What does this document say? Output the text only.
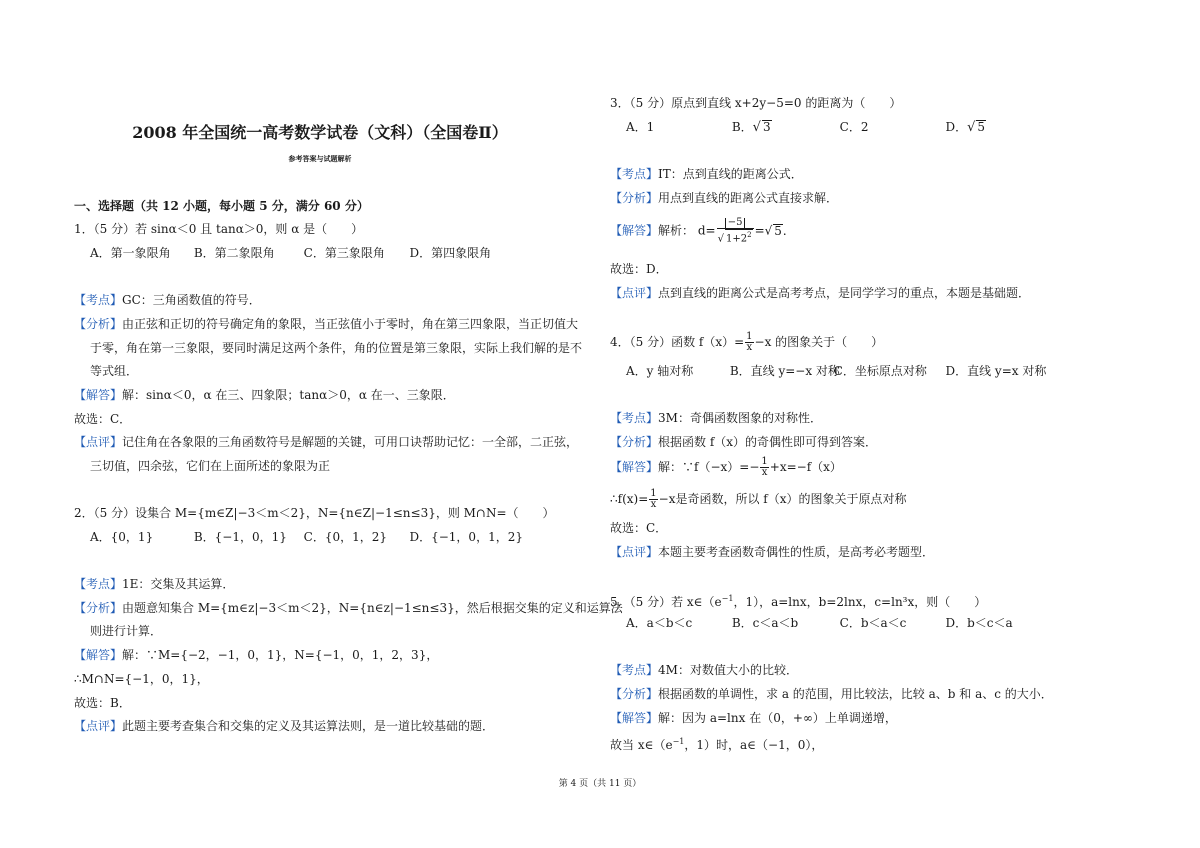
2008 年全国统一高考数学试卷（文科）（全国卷Ⅱ）
参考答案与试题解析
一、选择题（共 12 小题，每小题 5 分，满分 60 分）
1．（5 分）若 sinα＜0 且 tanα＞0，则 α 是（　　）
A．第一象限角 B．第二象限角 C．第三象限角 D．第四象限角
【考点】GC：三角函数值的符号．
【分析】由正弦和正切的符号确定角的象限，当正弦值小于零时，角在第三四象限，当正切值大
于零，角在第一三象限，要同时满足这两个条件，角的位置是第三象限，实际上我们解的是不
等式组．
【解答】解：sinα＜0，α 在三、四象限；tanα＞0，α 在一、三象限．
故选：C．
【点评】记住角在各象限的三角函数符号是解题的关键，可用口诀帮助记忆：一全部，二正弦，
三切值，四余弦，它们在上面所述的象限为正
2．（5 分）设集合 M={m∈Z|−3＜m＜2}，N={n∈Z|−1≤n≤3}，则 M∩N=（　　）
A．{0，1}	B．{−1，0，1} C．{0，1，2} D．{−1，0，1，2}
【考点】1E：交集及其运算．
【分析】由题意知集合 M={m∈z|−3＜m＜2}，N={n∈z|−1≤n≤3}，然后根据交集的定义和运算法
则进行计算．
【解答】解：∵M={−2，−1，0，1}，N={−1，0，1，2，3}，
∴M∩N={−1，0，1}，
故选：B．
【点评】此题主要考查集合和交集的定义及其运算法则，是一道比较基础的题．
3．（5 分）原点到直线 x+2y−5=0 的距离为（　　）
A．1	B．√ 3	C．2	D．√ 5
【考点】IT：点到直线的距离公式．
【分析】用点到直线的距离公式直接求解．
【解答】解析： $d= \frac{-5}{√ 1+2^2}$ =√ 5．
故选：D．
【点评】点到直线的距离公式是高考考点，是同学学习的重点，本题是基础题．
4．（5 分）函数 $f(x)= \frac{1}{x} -x$ 的图象关于（　　）
A．y 轴对称	B．直线 y=−x 对称 C．坐标原点对称 D．直线 y=x 对称
【考点】3M：奇偶函数图象的对称性．
【分析】根据函数 f（x）的奇偶性即可得到答案．
【解答】解：∵f（−x）=− $\frac{1}{x} +x=-f(x)$
∴f(x)= $\frac{1}{x} -x$是奇函数，所以 f（x）的图象关于原点对称
故选：C．
【点评】本题主要考查函数奇偶性的性质，是高考必考题型．
5．（5 分）若 $x\in(e^{-1}$，1），a=lnx，b=2lnx，c=ln³x，则（　　）
A．a＜b＜c	B．c＜a＜b	C．b＜a＜c	D．b＜c＜a
【考点】4M：对数值大小的比较．
【分析】根据函数的单调性，求 a 的范围，用比较法，比较 a、b 和 a、c 的大小．
【解答】解：因为 a=lnx 在（0，+∞）上单调递增，
故当 $x\in(e^{-1}$，1）时，a∈（−1，0），
第 4 页（共 11 页）
